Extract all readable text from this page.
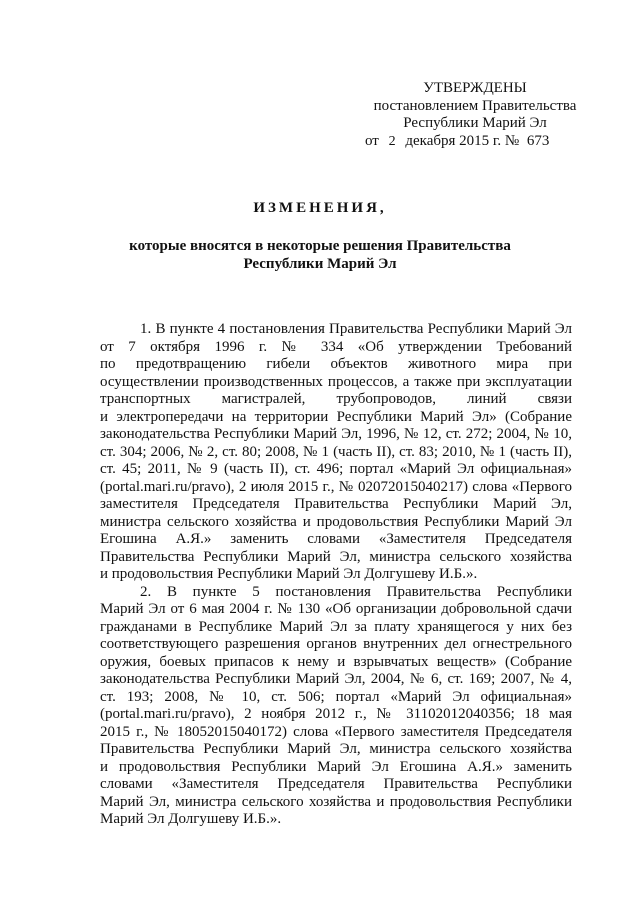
УТВЕРЖДЕНЫ
постановлением Правительства
Республики Марий Эл
от 2 декабря 2015 г. № 673
ИЗМЕНЕНИЯ,
которые вносятся в некоторые решения Правительства
Республики Марий Эл
1. В пункте 4 постановления Правительства Республики Марий Эл
от 7 октября 1996 г. № 334 «Об утверждении Требований
по предотвращению гибели объектов животного мира при
осуществлении производственных процессов, а также при эксплуатации
транспортных магистралей, трубопроводов, линий связи
и электропередачи на территории Республики Марий Эл» (Собрание
законодательства Республики Марий Эл, 1996, № 12, ст. 272; 2004, № 10,
ст. 304; 2006, № 2, ст. 80; 2008, № 1 (часть II), ст. 83; 2010, № 1 (часть II),
ст. 45; 2011, № 9 (часть II), ст. 496; портал «Марий Эл официальная»
(portal.mari.ru/pravo), 2 июля 2015 г., № 02072015040217) слова «Первого
заместителя Председателя Правительства Республики Марий Эл,
министра сельского хозяйства и продовольствия Республики Марий Эл
Егошина А.Я.» заменить словами «Заместителя Председателя
Правительства Республики Марий Эл, министра сельского хозяйства
и продовольствия Республики Марий Эл Долгушеву И.Б.».
2. В пункте 5 постановления Правительства Республики
Марий Эл от 6 мая 2004 г. № 130 «Об организации добровольной сдачи
гражданами в Республике Марий Эл за плату хранящегося у них без
соответствующего разрешения органов внутренних дел огнестрельного
оружия, боевых припасов к нему и взрывчатых веществ» (Собрание
законодательства Республики Марий Эл, 2004, № 6, ст. 169; 2007, № 4,
ст. 193; 2008, № 10, ст. 506; портал «Марий Эл официальная»
(portal.mari.ru/pravo), 2 ноября 2012 г., № 31102012040356; 18 мая
2015 г., № 18052015040172) слова «Первого заместителя Председателя
Правительства Республики Марий Эл, министра сельского хозяйства
и продовольствия Республики Марий Эл Егошина А.Я.» заменить
словами «Заместителя Председателя Правительства Республики
Марий Эл, министра сельского хозяйства и продовольствия Республики
Марий Эл Долгушеву И.Б.».
